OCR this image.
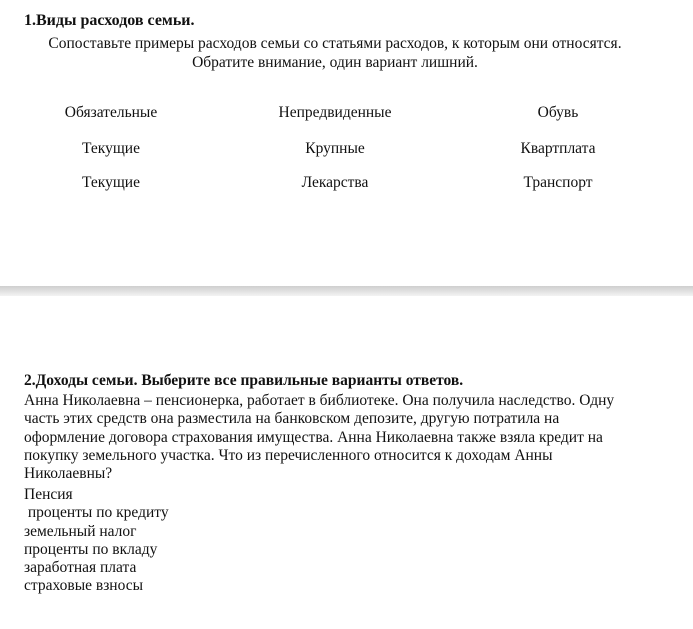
1.Виды расходов семьи.

Сопоставьте примеры расходов семьи со статьями расходов, к которым они относятся.
Обратите внимание, один вариант лишний.

Обязательные	Непредвиденные	Обувь
Текущие	Крупные	Квартплата
Текущие	Лекарства	Транспорт

2.Доходы семьи. Выберите все правильные варианты ответов.

Анна Николаевна – пенсионерка, работает в библиотеке. Она получила наследство. Одну часть этих средств она разместила на банковском депозите, другую потратила на оформление договора страхования имущества. Анна Николаевна также взяла кредит на покупку земельного участка. Что из перечисленного относится к доходам Анны Николаевны?

Пенсия
проценты по кредиту
земельный налог
проценты по вкладу
заработная плата
страховые взносы
